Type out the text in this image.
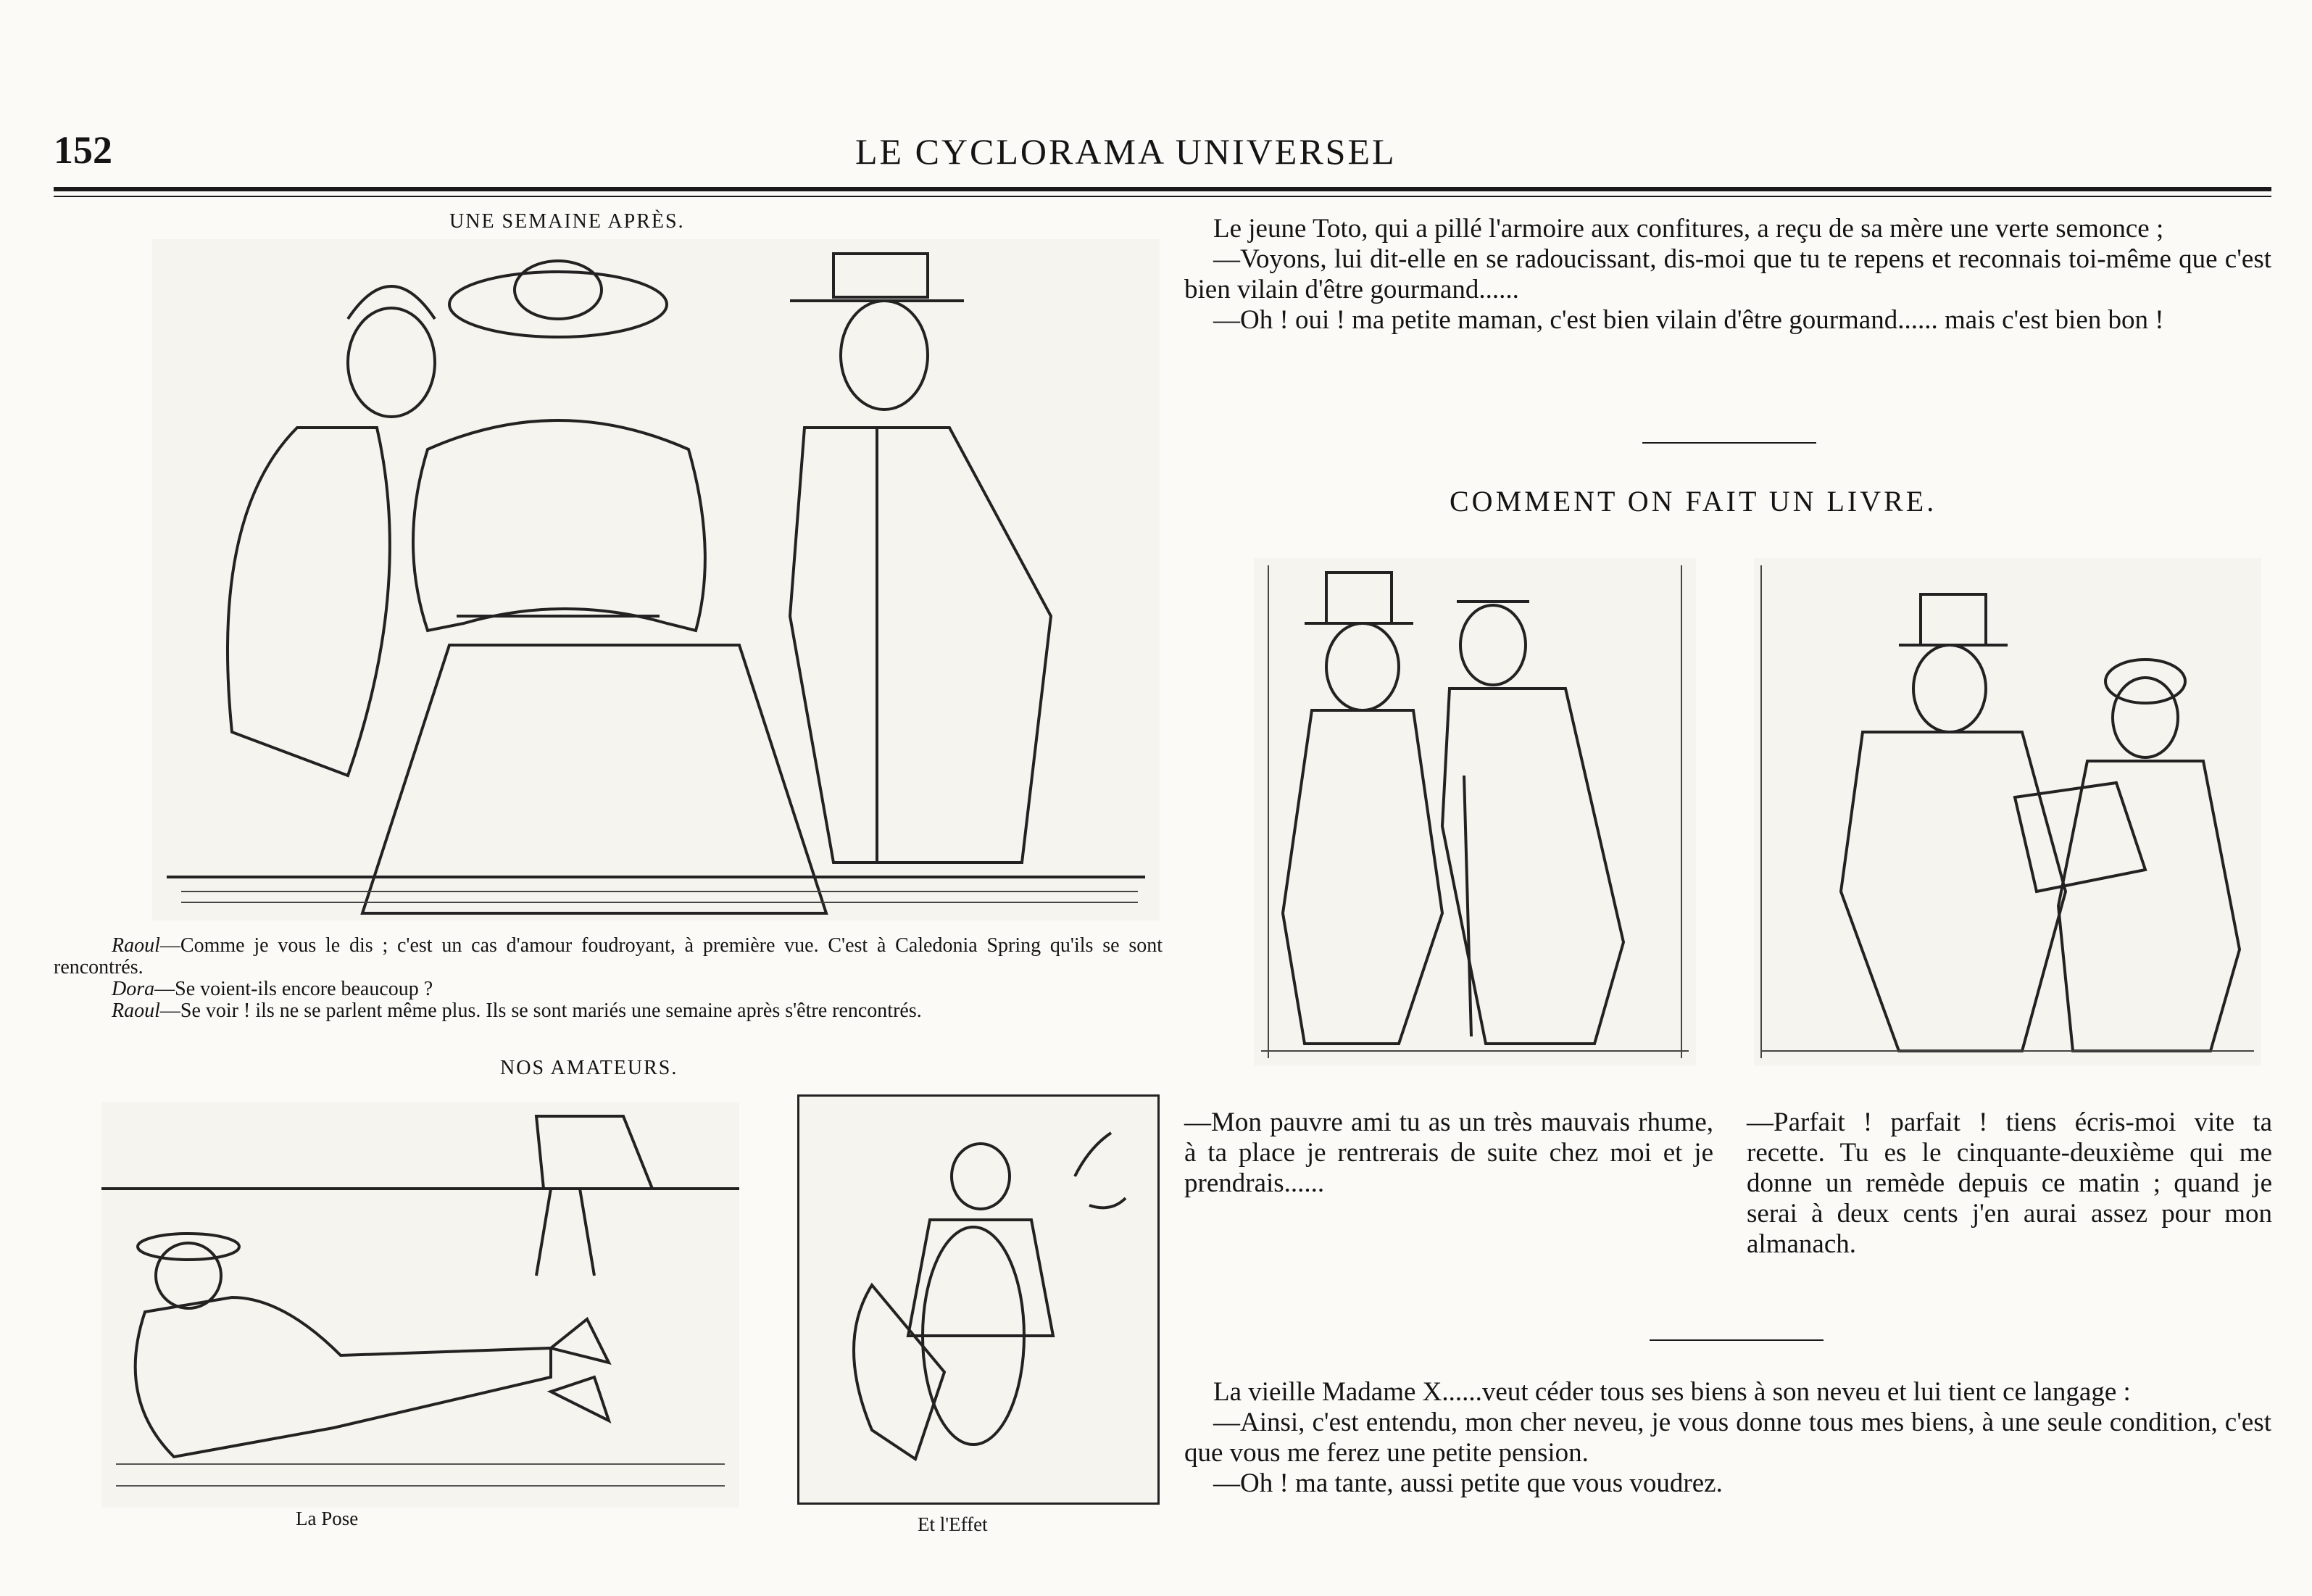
152	LE CYCLORAMA UNIVERSEL
UNE SEMAINE APRÈS.

Raoul—Comme je vous le dis ; c'est un cas d'amour foudroyant, à première vue. C'est à Caledonia Spring qu'ils se sont rencontrés.

Dora—Se voient-ils encore beaucoup ?

Raoul—Se voir ! ils ne se parlent même plus. Ils se sont mariés une semaine après s'être rencontrés.

NOS AMATEURS.
La Pose	Et l'Effet

Le jeune Toto, qui a pillé l'armoire aux confitures, a reçu de sa mère une verte semonce ;

—Voyons, lui dit-elle en se radoucissant, dis-moi que tu te repens et reconnais toi-même que c'est bien vilain d'être gourmand......

—Oh ! oui ! ma petite maman, c'est bien vilain d'être gourmand...... mais c'est bien bon !

COMMENT ON FAIT UN LIVRE.
—Mon pauvre ami tu as un très mauvais rhume, à ta place je rentrerais de suite chez moi et je prendrais......
—Parfait ! parfait ! tiens écris-moi vite ta recette. Tu es le cinquante-deuxième qui me donne un remède depuis ce matin ; quand je serai à deux cents j'en aurai assez pour mon almanach.

La vieille Madame X......veut céder tous ses biens à son neveu et lui tient ce langage :

—Ainsi, c'est entendu, mon cher neveu, je vous donne tous mes biens, à une seule condition, c'est que vous me ferez une petite pension.

—Oh ! ma tante, aussi petite que vous voudrez.
